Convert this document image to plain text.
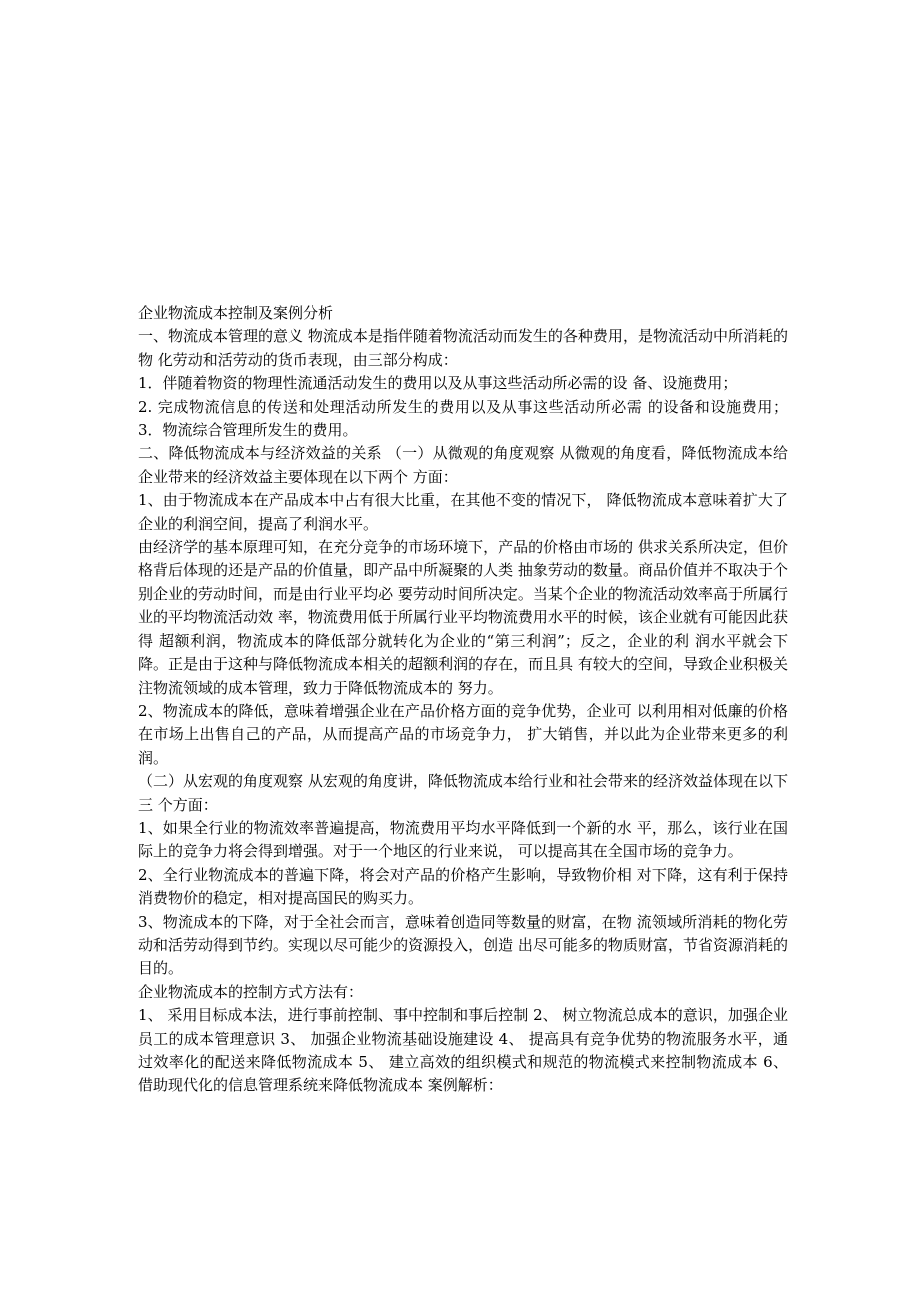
企业物流成本控制及案例分析

一、物流成本管理的意义 物流成本是指伴随着物流活动而发生的各种费用，是物流活动中所消耗的物 化劳动和活劳动的货币表现，由三部分构成：

1．伴随着物资的物理性流通活动发生的费用以及从事这些活动所必需的设 备、设施费用；

2. 完成物流信息的传送和处理活动所发生的费用以及从事这些活动所必需 的设备和设施费用； 3．物流综合管理所发生的费用。

二、降低物流成本与经济效益的关系 （一）从微观的角度观察 从微观的角度看，降低物流成本给企业带来的经济效益主要体现在以下两个 方面：

1、由于物流成本在产品成本中占有很大比重，在其他不变的情况下， 降低物流成本意味着扩大了企业的利润空间，提高了利润水平。

由经济学的基本原理可知，在充分竞争的市场环境下，产品的价格由市场的 供求关系所决定，但价格背后体现的还是产品的价值量，即产品中所凝聚的人类 抽象劳动的数量。商品价值并不取决于个别企业的劳动时间，而是由行业平均必 要劳动时间所决定。当某个企业的物流活动效率高于所属行业的平均物流活动效 率，物流费用低于所属行业平均物流费用水平的时候，该企业就有可能因此获得 超额利润，物流成本的降低部分就转化为企业的“第三利润”；反之，企业的利 润水平就会下降。正是由于这种与降低物流成本相关的超额利润的存在，而且具 有较大的空间，导致企业积极关注物流领域的成本管理，致力于降低物流成本的 努力。

2、物流成本的降低，意味着增强企业在产品价格方面的竞争优势，企业可 以利用相对低廉的价格在市场上出售自己的产品，从而提高产品的市场竞争力， 扩大销售，并以此为企业带来更多的利润。

（二）从宏观的角度观察 从宏观的角度讲，降低物流成本给行业和社会带来的经济效益体现在以下三 个方面：

1、如果全行业的物流效率普遍提高，物流费用平均水平降低到一个新的水 平，那么，该行业在国际上的竞争力将会得到增强。对于一个地区的行业来说， 可以提高其在全国市场的竞争力。

2、全行业物流成本的普遍下降，将会对产品的价格产生影响，导致物价相 对下降，这有利于保持消费物价的稳定，相对提高国民的购买力。

3、物流成本的下降，对于全社会而言，意味着创造同等数量的财富，在物 流领域所消耗的物化劳动和活劳动得到节约。实现以尽可能少的资源投入，创造 出尽可能多的物质财富，节省资源消耗的目的。

企业物流成本的控制方式方法有：

1、 采用目标成本法，进行事前控制、事中控制和事后控制 2、 树立物流总成本的意识，加强企业员工的成本管理意识 3、 加强企业物流基础设施建设 4、 提高具有竞争优势的物流服务水平，通过效率化的配送来降低物流成本 5、 建立高效的组织模式和规范的物流模式来控制物流成本 6、 借助现代化的信息管理系统来降低物流成本 案例解析：
